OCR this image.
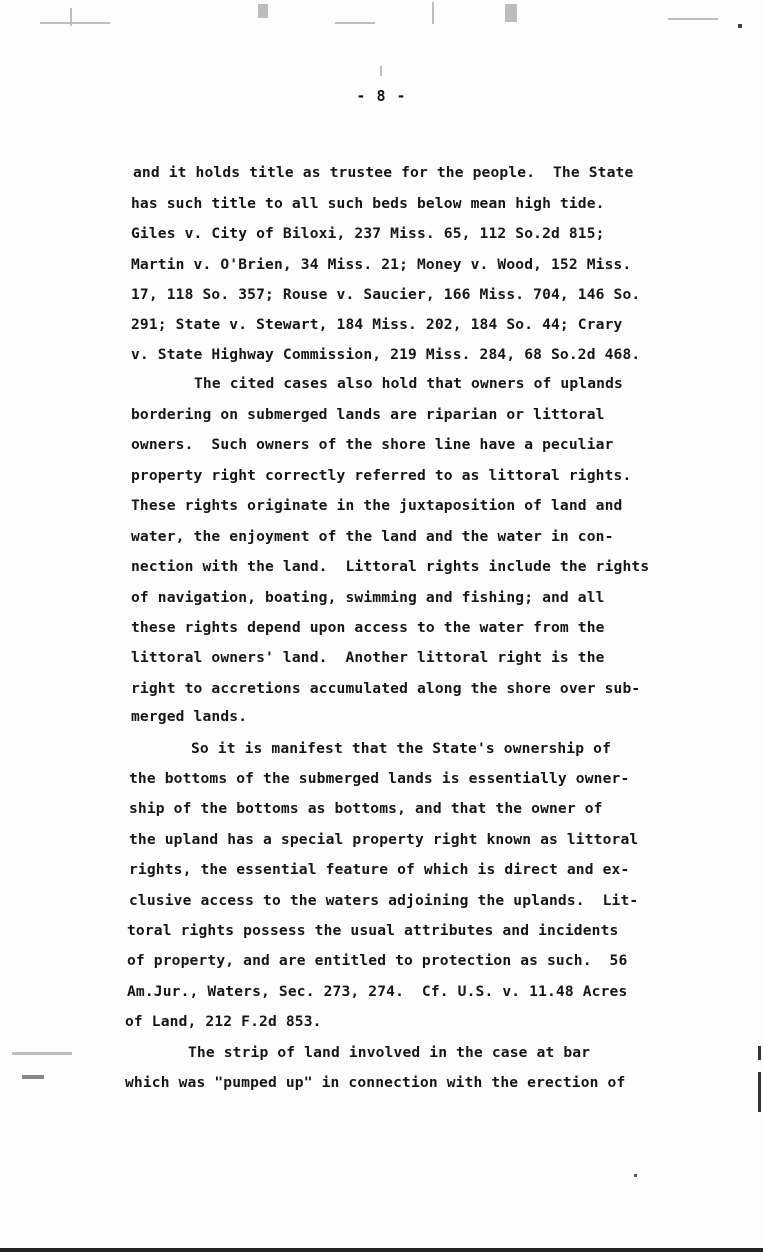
- 8 -
and it holds title as trustee for the people.  The State
has such title to all such beds below mean high tide.
Giles v. City of Biloxi, 237 Miss. 65, 112 So.2d 815;
Martin v. O'Brien, 34 Miss. 21; Money v. Wood, 152 Miss.
17, 118 So. 357; Rouse v. Saucier, 166 Miss. 704, 146 So.
291; State v. Stewart, 184 Miss. 202, 184 So. 44; Crary
v. State Highway Commission, 219 Miss. 284, 68 So.2d 468.
The cited cases also hold that owners of uplands
bordering on submerged lands are riparian or littoral
owners.  Such owners of the shore line have a peculiar
property right correctly referred to as littoral rights.
These rights originate in the juxtaposition of land and
water, the enjoyment of the land and the water in con-
nection with the land.  Littoral rights include the rights
of navigation, boating, swimming and fishing; and all
these rights depend upon access to the water from the
littoral owners' land.  Another littoral right is the
right to accretions accumulated along the shore over sub-
merged lands.
So it is manifest that the State's ownership of
the bottoms of the submerged lands is essentially owner-
ship of the bottoms as bottoms, and that the owner of
the upland has a special property right known as littoral
rights, the essential feature of which is direct and ex-
clusive access to the waters adjoining the uplands.  Lit-
toral rights possess the usual attributes and incidents
of property, and are entitled to protection as such.  56
Am.Jur., Waters, Sec. 273, 274.  Cf. U.S. v. 11.48 Acres
of Land, 212 F.2d 853.
The strip of land involved in the case at bar
which was "pumped up" in connection with the erection of
